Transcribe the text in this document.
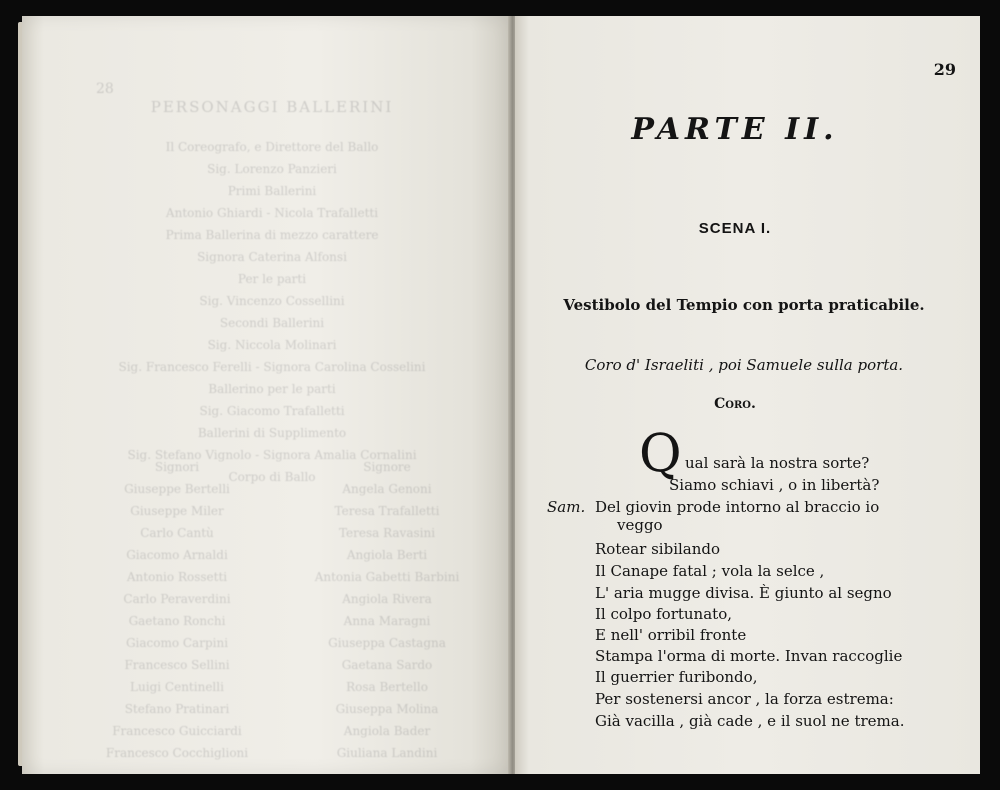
28
PERSONAGGI BALLERINI
Il Coreografo, e Direttore del Ballo
Sig. Lorenzo Panzieri
Primi Ballerini
Antonio Ghiardi - Nicola Trafalletti
Prima Ballerina di mezzo carattere
Signora Caterina Alfonsi
Per le parti
Sig. Vincenzo Cossellini
Secondi Ballerini
Sig. Niccola Molinari
Sig. Francesco Ferelli - Signora Carolina Cosselini
Ballerino per le parti
Sig. Giacomo Trafalletti
Ballerini di Supplimento
Sig. Stefano Vignolo - Signora Amalia Cornalini
Corpo di Ballo
Signori
Giuseppe Bertelli
Giuseppe Miler
Carlo Cantù
Giacomo Arnaldi
Antonio Rossetti
Carlo Peraverdini
Gaetano Ronchi
Giacomo Carpini
Francesco Sellini
Luigi Centinelli
Stefano Pratinari
Francesco Guicciardi
Francesco Cocchiglioni
Signore
Angela Genoni
Teresa Trafalletti
Teresa Ravasini
Angiola Berti
Antonia Gabetti Barbini
Angiola Rivera
Anna Maragni
Giuseppa Castagna
Gaetana Sardo
Rosa Bertello
Giuseppa Molina
Angiola Bader
Giuliana Landini
29
PARTE II.
SCENA I.
Vestibolo del Tempio con porta praticabile.
Coro d' Israeliti , poi Samuele sulla porta.
Coro.
Q ual sarà la nostra sorte?
Siamo schiavi , o in libertà?
Sam. Del giovin prode intorno al braccio io
veggo
Rotear sibilando
Il Canape fatal ; vola la selce ,
L' aria mugge divisa. È giunto al segno
Il colpo fortunato,
E nell' orribil fronte
Stampa l'orma di morte. Invan raccoglie
Il guerrier furibondo,
Per sostenersi ancor , la forza estrema:
Già vacilla , già cade , e il suol ne trema.
